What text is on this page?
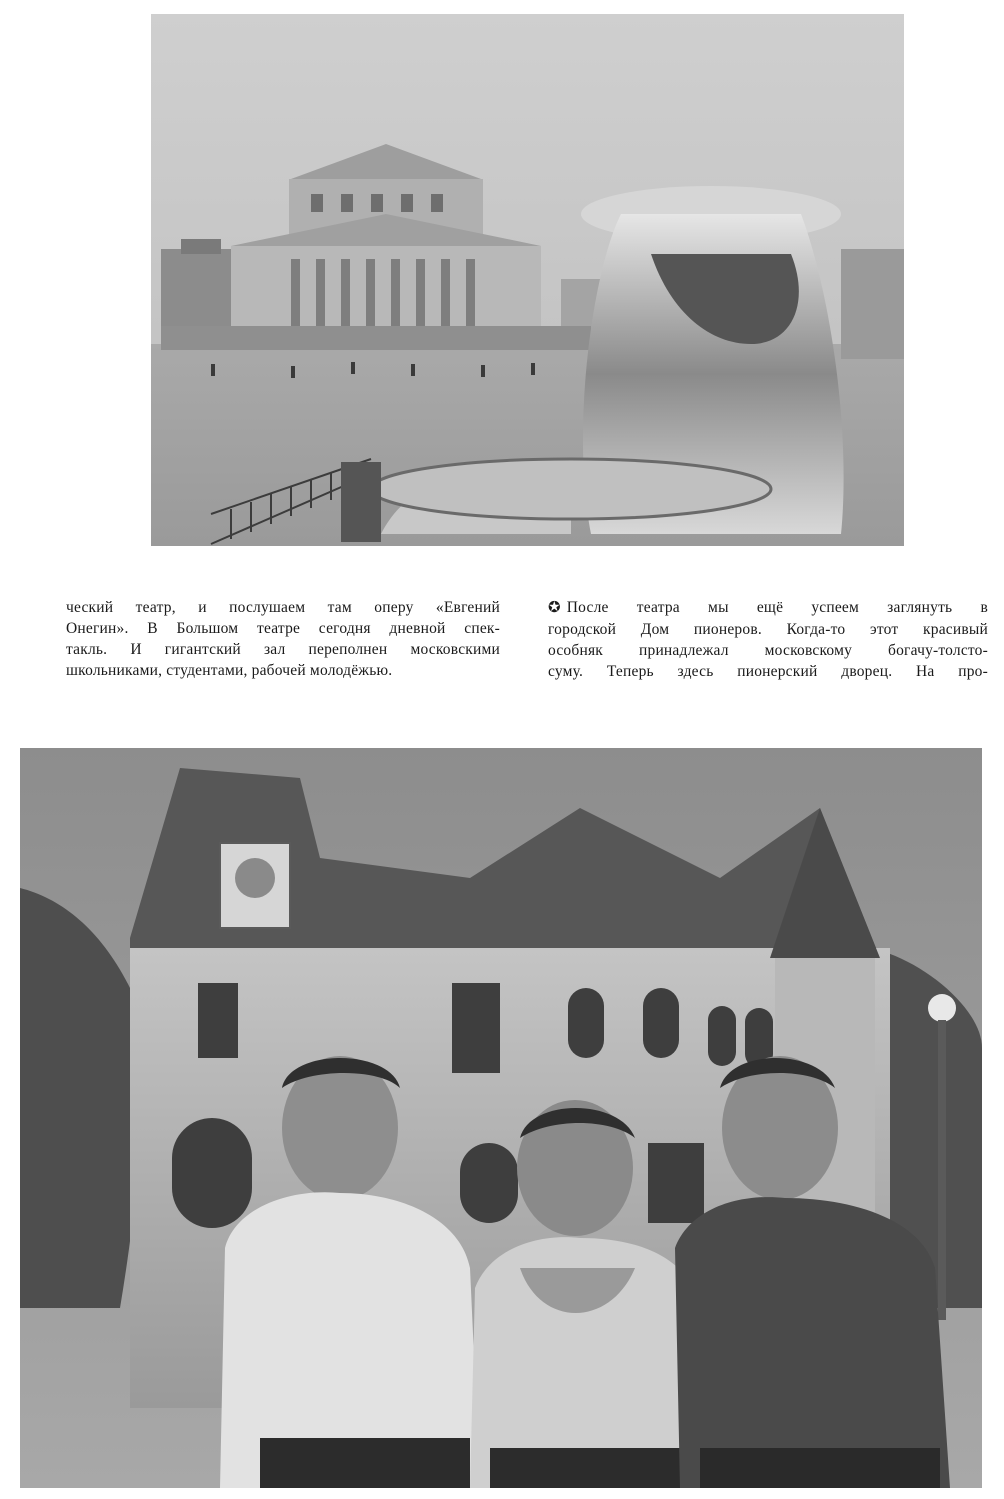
ческий театр, и послушаем там оперу «Евгений
Онегин». В Большом театре сегодня дневной спек-
такль. И гигантский зал переполнен московскими
школьниками, студентами, рабочей молодёжью.
✪ После театра мы ещё успеем заглянуть в
городской Дом пионеров. Когда-то этот красивый
особняк принадлежал московскому богачу-толсто-
суму. Теперь здесь пионерский дворец. На про-
